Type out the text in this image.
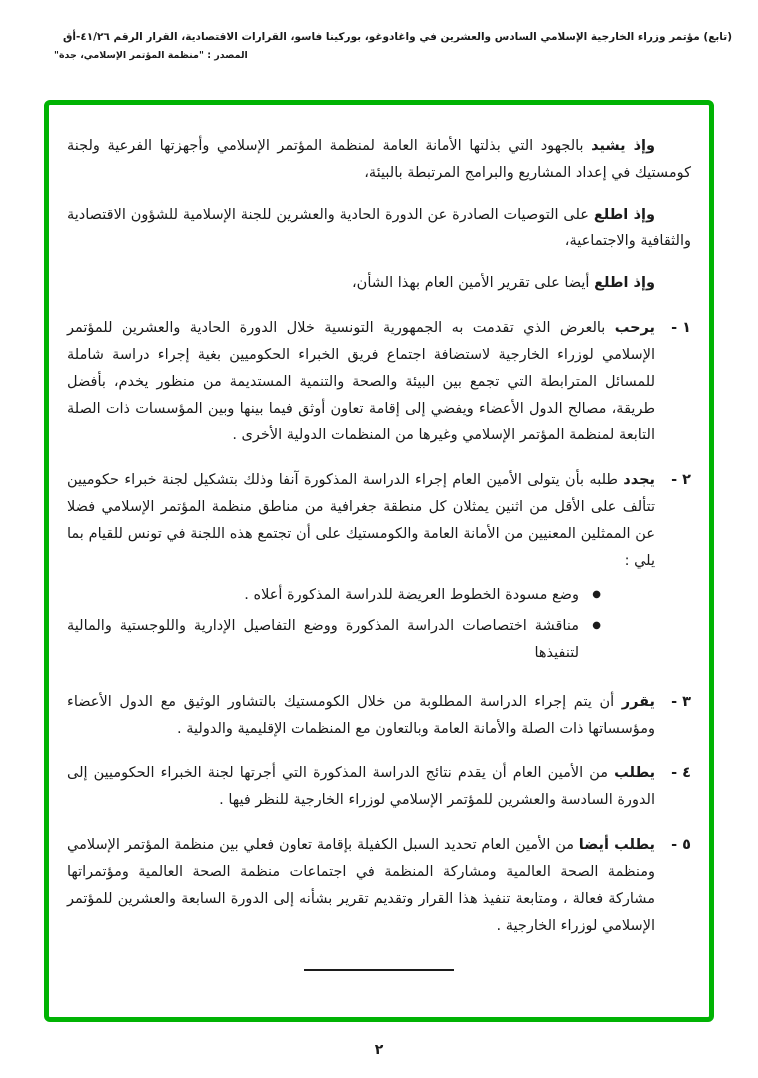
(تابع) مؤتمر وزراء الخارجية الإسلامي السادس والعشرين في واغادوغو، بوركينا فاسو، القرارات الاقتصادية، القرار الرقم ٤١/٢٦-أق
المصدر : "منظمة المؤتمر الإسلامي، جدة"

وإذ يشيد بالجهود التي بذلتها الأمانة العامة لمنظمة المؤتمر الإسلامي وأجهزتها الفرعية ولجنة كومستيك في إعداد المشاريع والبرامج المرتبطة بالبيئة،

وإذ اطلع على التوصيات الصادرة عن الدورة الحادية والعشرين للجنة الإسلامية للشؤون الاقتصادية والثقافية والاجتماعية،

وإذ اطلع أيضا على تقرير الأمين العام بهذا الشأن،

١ -
يرحب بالعرض الذي تقدمت به الجمهورية التونسية خلال الدورة الحادية والعشرين للمؤتمر الإسلامي لوزراء الخارجية لاستضافة اجتماع فريق الخبراء الحكوميين بغية إجراء دراسة شاملة للمسائل المترابطة التي تجمع بين البيئة والصحة والتنمية المستديمة من منظور يخدم، بأفضل طريقة، مصالح الدول الأعضاء ويفضي إلى إقامة تعاون أوثق فيما بينها وبين المؤسسات ذات الصلة التابعة لمنظمة المؤتمر الإسلامي وغيرها من المنظمات الدولية الأخرى .
٢ -
يجدد طلبه بأن يتولى الأمين العام إجراء الدراسة المذكورة آنفا وذلك بتشكيل لجنة خبراء حكوميين تتألف على الأقل من اثنين يمثلان كل منطقة جغرافية من مناطق منظمة المؤتمر الإسلامي فضلا عن الممثلين المعنيين من الأمانة العامة والكومستيك على أن تجتمع هذه اللجنة في تونس للقيام بما يلي :
●
وضع مسودة الخطوط العريضة للدراسة المذكورة أعلاه .
●
مناقشة اختصاصات الدراسة المذكورة ووضع التفاصيل الإدارية واللوجستية والمالية لتنفيذها
٣ -
يقرر أن يتم إجراء الدراسة المطلوبة من خلال الكومستيك بالتشاور الوثيق مع الدول الأعضاء ومؤسساتها ذات الصلة والأمانة العامة وبالتعاون مع المنظمات الإقليمية والدولية .
٤ -
يطلب من الأمين العام أن يقدم نتائج الدراسة المذكورة التي أجرتها لجنة الخبراء الحكوميين إلى الدورة السادسة والعشرين للمؤتمر الإسلامي لوزراء الخارجية للنظر فيها .
٥ -
يطلب أيضا من الأمين العام تحديد السبل الكفيلة بإقامة تعاون فعلي بين منظمة المؤتمر الإسلامي ومنظمة الصحة العالمية ومشاركة المنظمة في اجتماعات منظمة الصحة العالمية ومؤتمراتها مشاركة فعالة ، ومتابعة تنفيذ هذا القرار وتقديم تقرير بشأنه إلى الدورة السابعة والعشرين للمؤتمر الإسلامي لوزراء الخارجية .
٢
